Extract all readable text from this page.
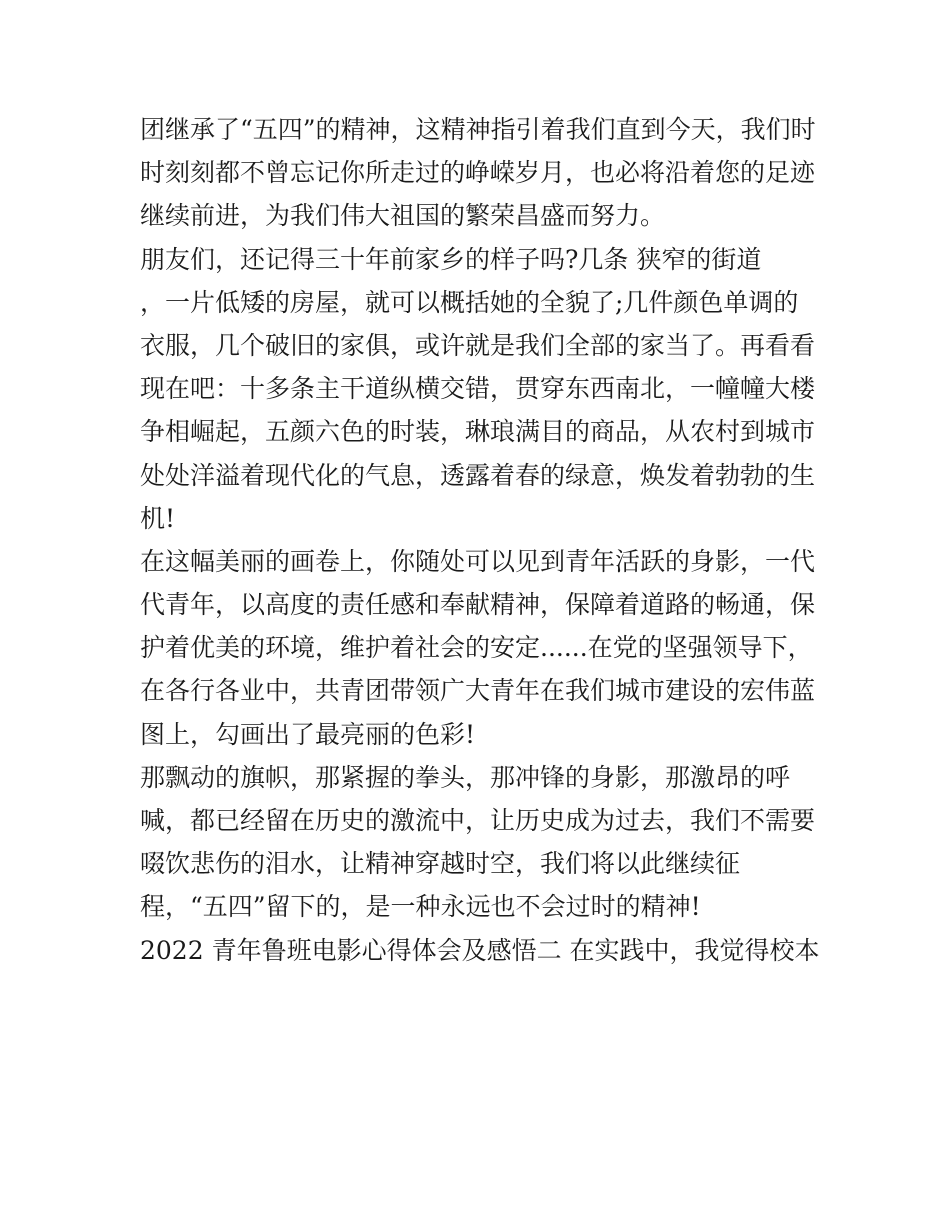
团继承了“五四”的精神，这精神指引着我们直到今天，我们时
时刻刻都不曾忘记你所走过的峥嵘岁月，也必将沿着您的足迹
继续前进，为我们伟大祖国的繁荣昌盛而努力。
朋友们，还记得三十年前家乡的样子吗?几条 狭窄的街道
，一片低矮的房屋，就可以概括她的全貌了;几件颜色单调的
衣服，几个破旧的家俱，或许就是我们全部的家当了。再看看
现在吧：十多条主干道纵横交错，贯穿东西南北，一幢幢大楼
争相崛起，五颜六色的时装，琳琅满目的商品，从农村到城市
处处洋溢着现代化的气息，透露着春的绿意，焕发着勃勃的生
机!
在这幅美丽的画卷上，你随处可以见到青年活跃的身影，一代
代青年，以高度的责任感和奉献精神，保障着道路的畅通，保
护着优美的环境，维护着社会的安定......在党的坚强领导下，
在各行各业中，共青团带领广大青年在我们城市建设的宏伟蓝
图上，勾画出了最亮丽的色彩!
那飘动的旗帜，那紧握的拳头，那冲锋的身影，那激昂的呼
喊，都已经留在历史的激流中，让历史成为过去，我们不需要
啜饮悲伤的泪水，让精神穿越时空，我们将以此继续征
程，“五四”留下的，是一种永远也不会过时的精神!
2022 青年鲁班电影心得体会及感悟二 在实践中，我觉得校本
